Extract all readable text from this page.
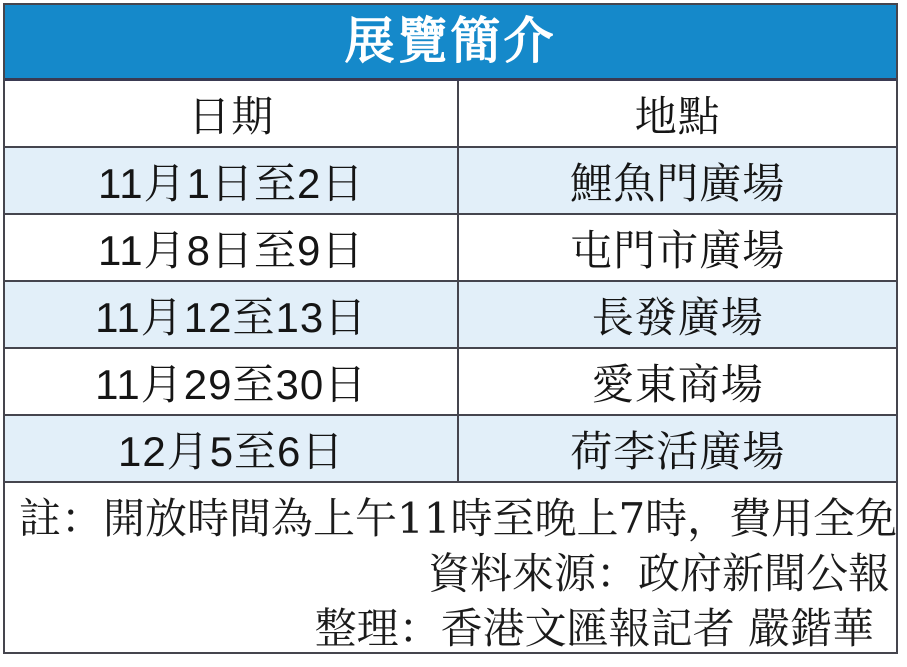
展覽簡介
日期	地點
11月1日至2日	鯉魚門廣場
11月8日至9日	屯門市廣場
11月12至13日	長發廣場
11月29至30日	愛東商場
12月5至6日	荷李活廣場
註：開放時間為上午11時至晚上7時，費用全免
資料來源：政府新聞公報
整理：香港文匯報記者 嚴鍇華
